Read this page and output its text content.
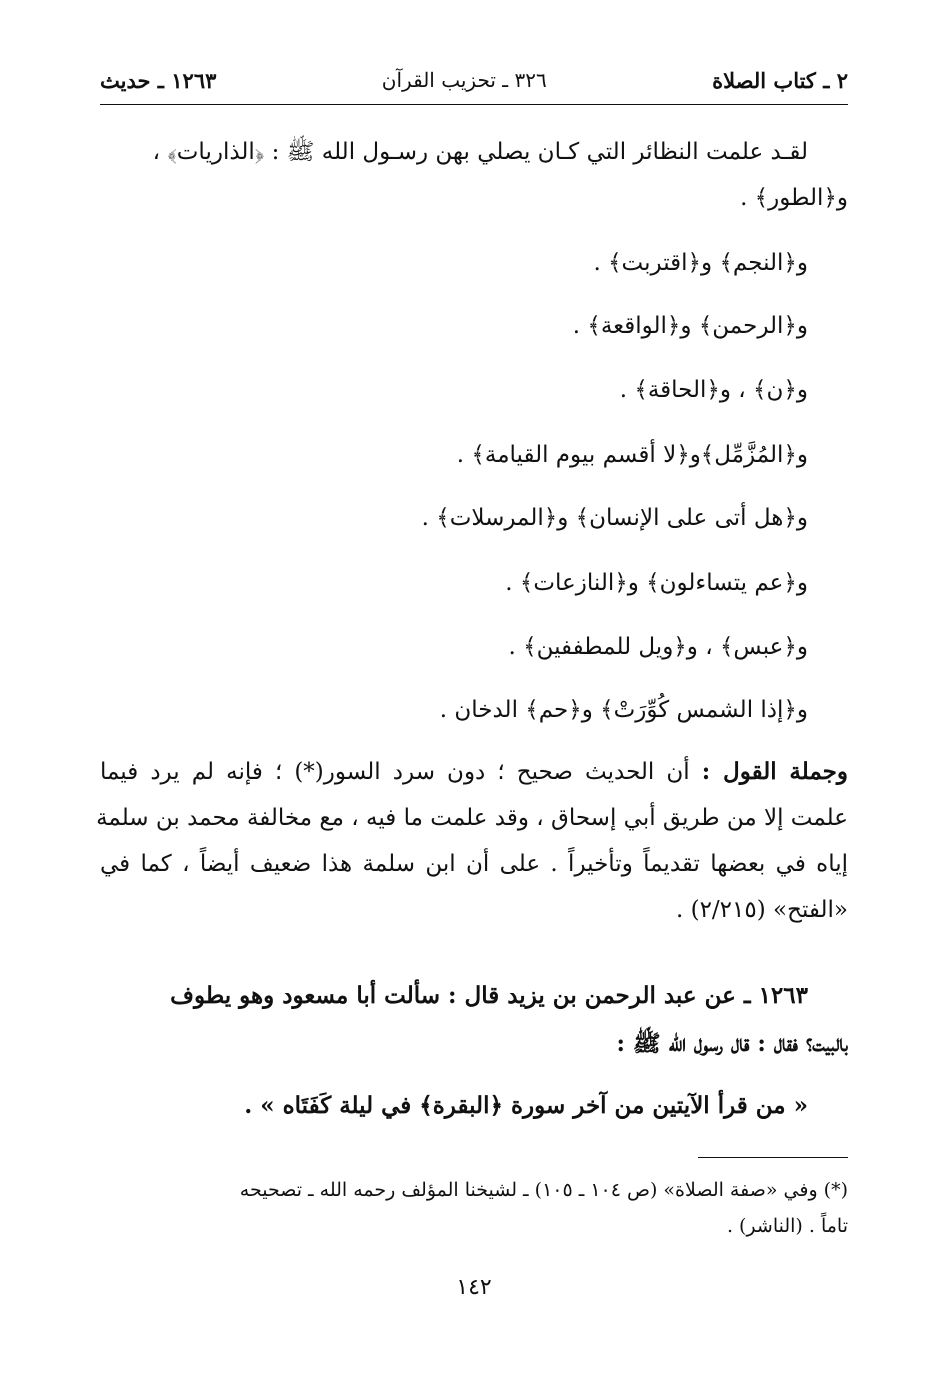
٢ ـ كتاب الصلاة
٣٢٦ ـ تحزيب القرآن
١٢٦٣ ـ حديث
لقـد علمت النظائر التي كـان يصلي بهن رسـول الله ﷺ : ﴿الذاريات﴾ ،
و﴿الطور﴾ .
و﴿النجم﴾ و﴿اقتربت﴾ .
و﴿الرحمن﴾ و﴿الواقعة﴾ .
و﴿ن﴾ ، و﴿الحاقة﴾ .
و﴿المُزَّمِّل﴾و﴿لا أقسم بيوم القيامة﴾ .
و﴿هل أتى على الإنسان﴾ و﴿المرسلات﴾ .
و﴿عم يتساءلون﴾ و﴿النازعات﴾ .
و﴿عبس﴾ ، و﴿ويل للمطففين﴾ .
و﴿إذا الشمس كُوِّرَتْ﴾ و﴿حم﴾ الدخان .
وجملة القول : أن الحديث صحيح ؛ دون سرد السور(*) ؛ فإنه لم يرد فيما
علمت إلا من طريق أبي إسحاق ، وقد علمت ما فيه ، مع مخالفة محمد بن سلمة
إياه في بعضها تقديماً وتأخيراً . على أن ابن سلمة هذا ضعيف أيضاً ، كما في
«الفتح» (٢/٢١٥) .
١٢٦٣ ـ عن عبد الرحمن بن يزيد قال : سألت أبا مسعود وهو يطوف
بالبيت؟ فقال : قال رسول الله ﷺ :
« من قرأ الآيتين من آخر سورة ﴿البقرة﴾ في ليلة كَفَتَاه » .
(*) وفي «صفة الصلاة» (ص ١٠٤ ـ ١٠٥) ـ لشيخنا المؤلف رحمه الله ـ تصحيحه
تاماً . (الناشر) .
١٤٢
